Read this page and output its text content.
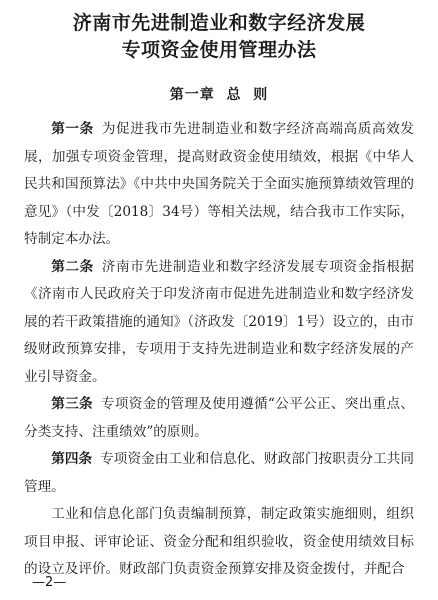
济南市先进制造业和数字经济发展
专项资金使用管理办法
第一章  总  则

第一条 为促进我市先进制造业和数字经济高端高质高效发展，加强专项资金管理，提高财政资金使用绩效，根据《中华人民共和国预算法》《中共中央国务院关于全面实施预算绩效管理的意见》（中发〔2018〕34号）等相关法规，结合我市工作实际，特制定本办法。

第二条 济南市先进制造业和数字经济发展专项资金指根据《济南市人民政府关于印发济南市促进先进制造业和数字经济发展的若干政策措施的通知》（济政发〔2019〕1号）设立的，由市级财政预算安排，专项用于支持先进制造业和数字经济发展的产业引导资金。

第三条 专项资金的管理及使用遵循“公平公正、突出重点、分类支持、注重绩效”的原则。

第四条 专项资金由工业和信息化、财政部门按职责分工共同管理。

工业和信息化部门负责编制预算，制定政策实施细则，组织项目申报、评审论证、资金分配和组织验收，资金使用绩效目标的设立及评价。财政部门负责资金预算安排及资金拨付，并配合

—2—
